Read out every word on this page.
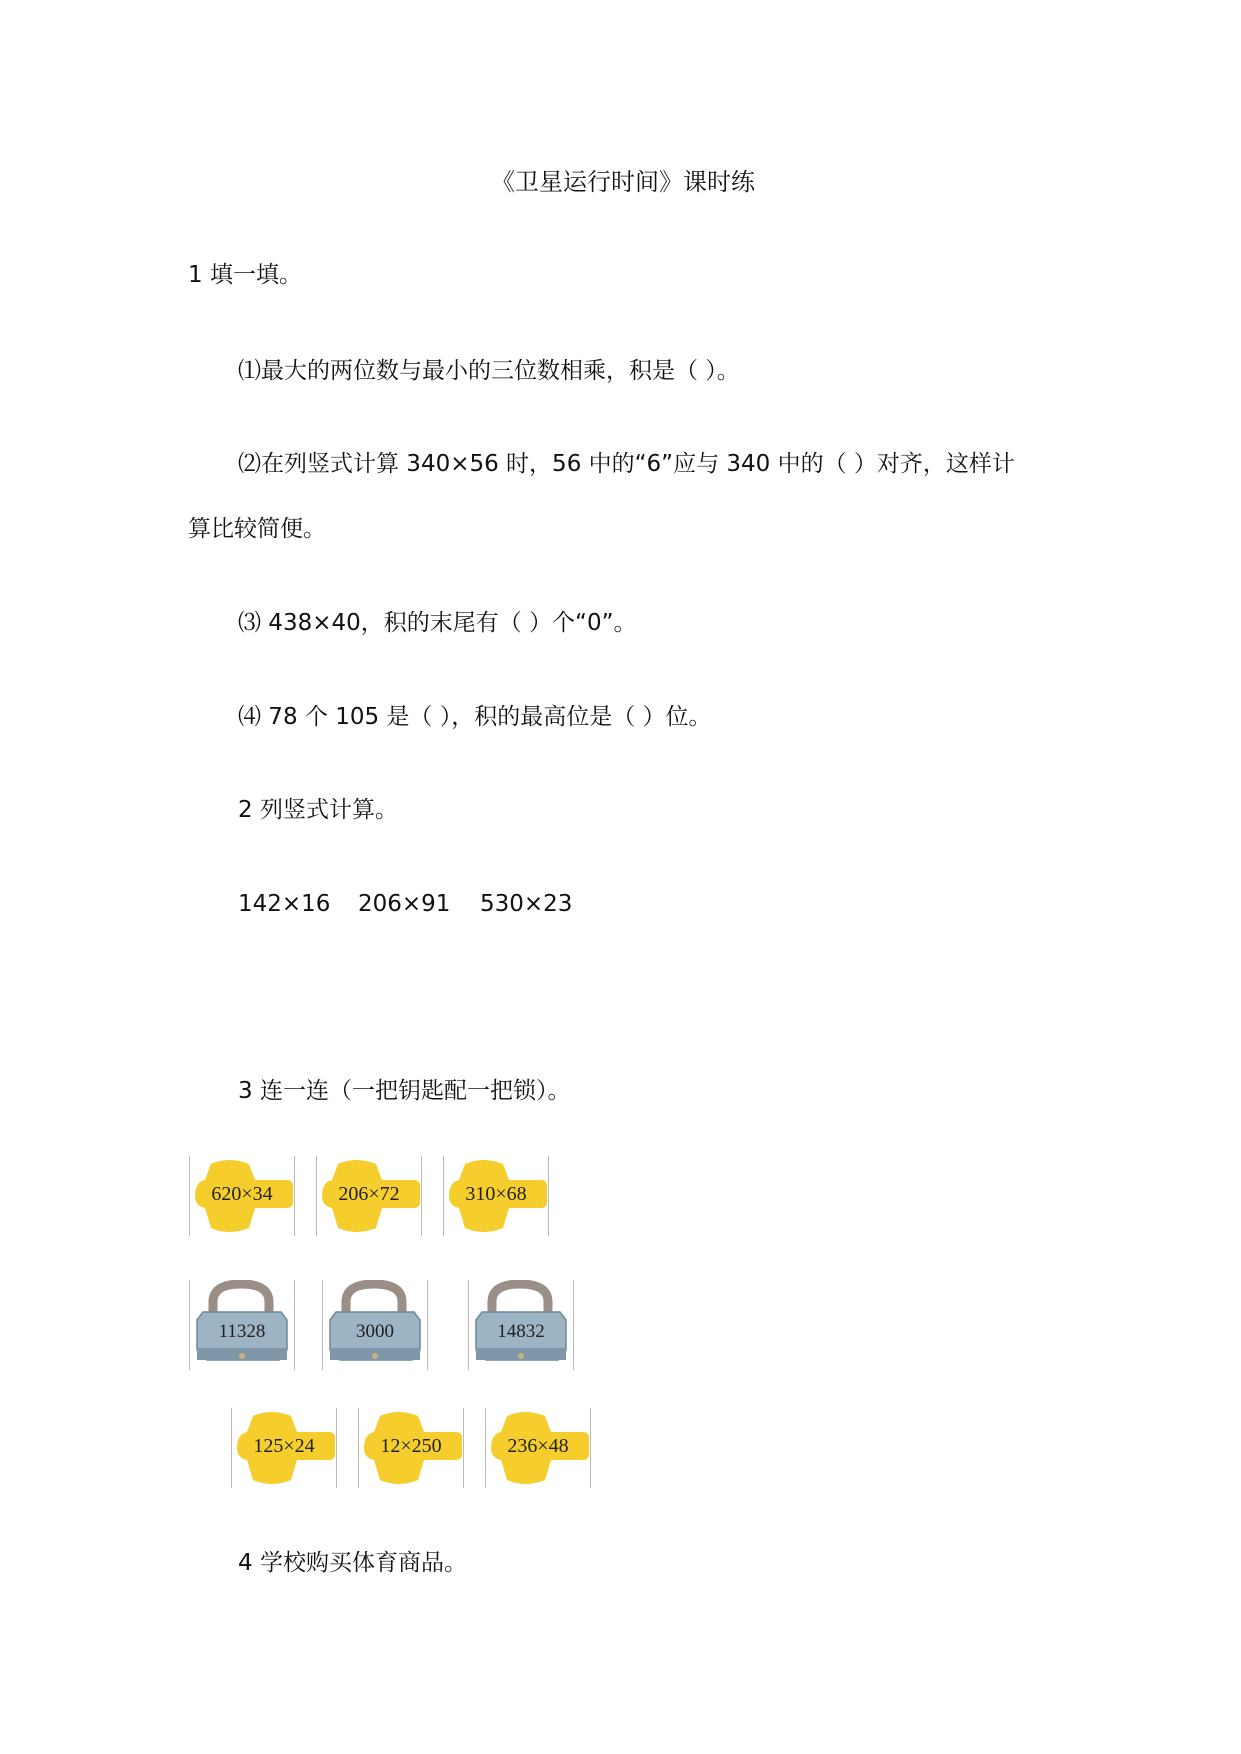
《卫星运行时间》课时练
1 填一填。
⑴最大的两位数与最小的三位数相乘，积是（ ）。
⑵在列竖式计算 340×56 时，56 中的“6”应与 340 中的（ ）对齐，这样计
算比较简便。
⑶ 438×40，积的末尾有（ ）个“0”。
⑷ 78 个 105 是（ ），积的最高位是（ ）位。
2 列竖式计算。
142×16 206×91 530×23
3 连一连（一把钥匙配一把锁）。
620×34	206×72	310×68
11328	3000	14832
125×24	12×250	236×48
4 学校购买体育商品。
